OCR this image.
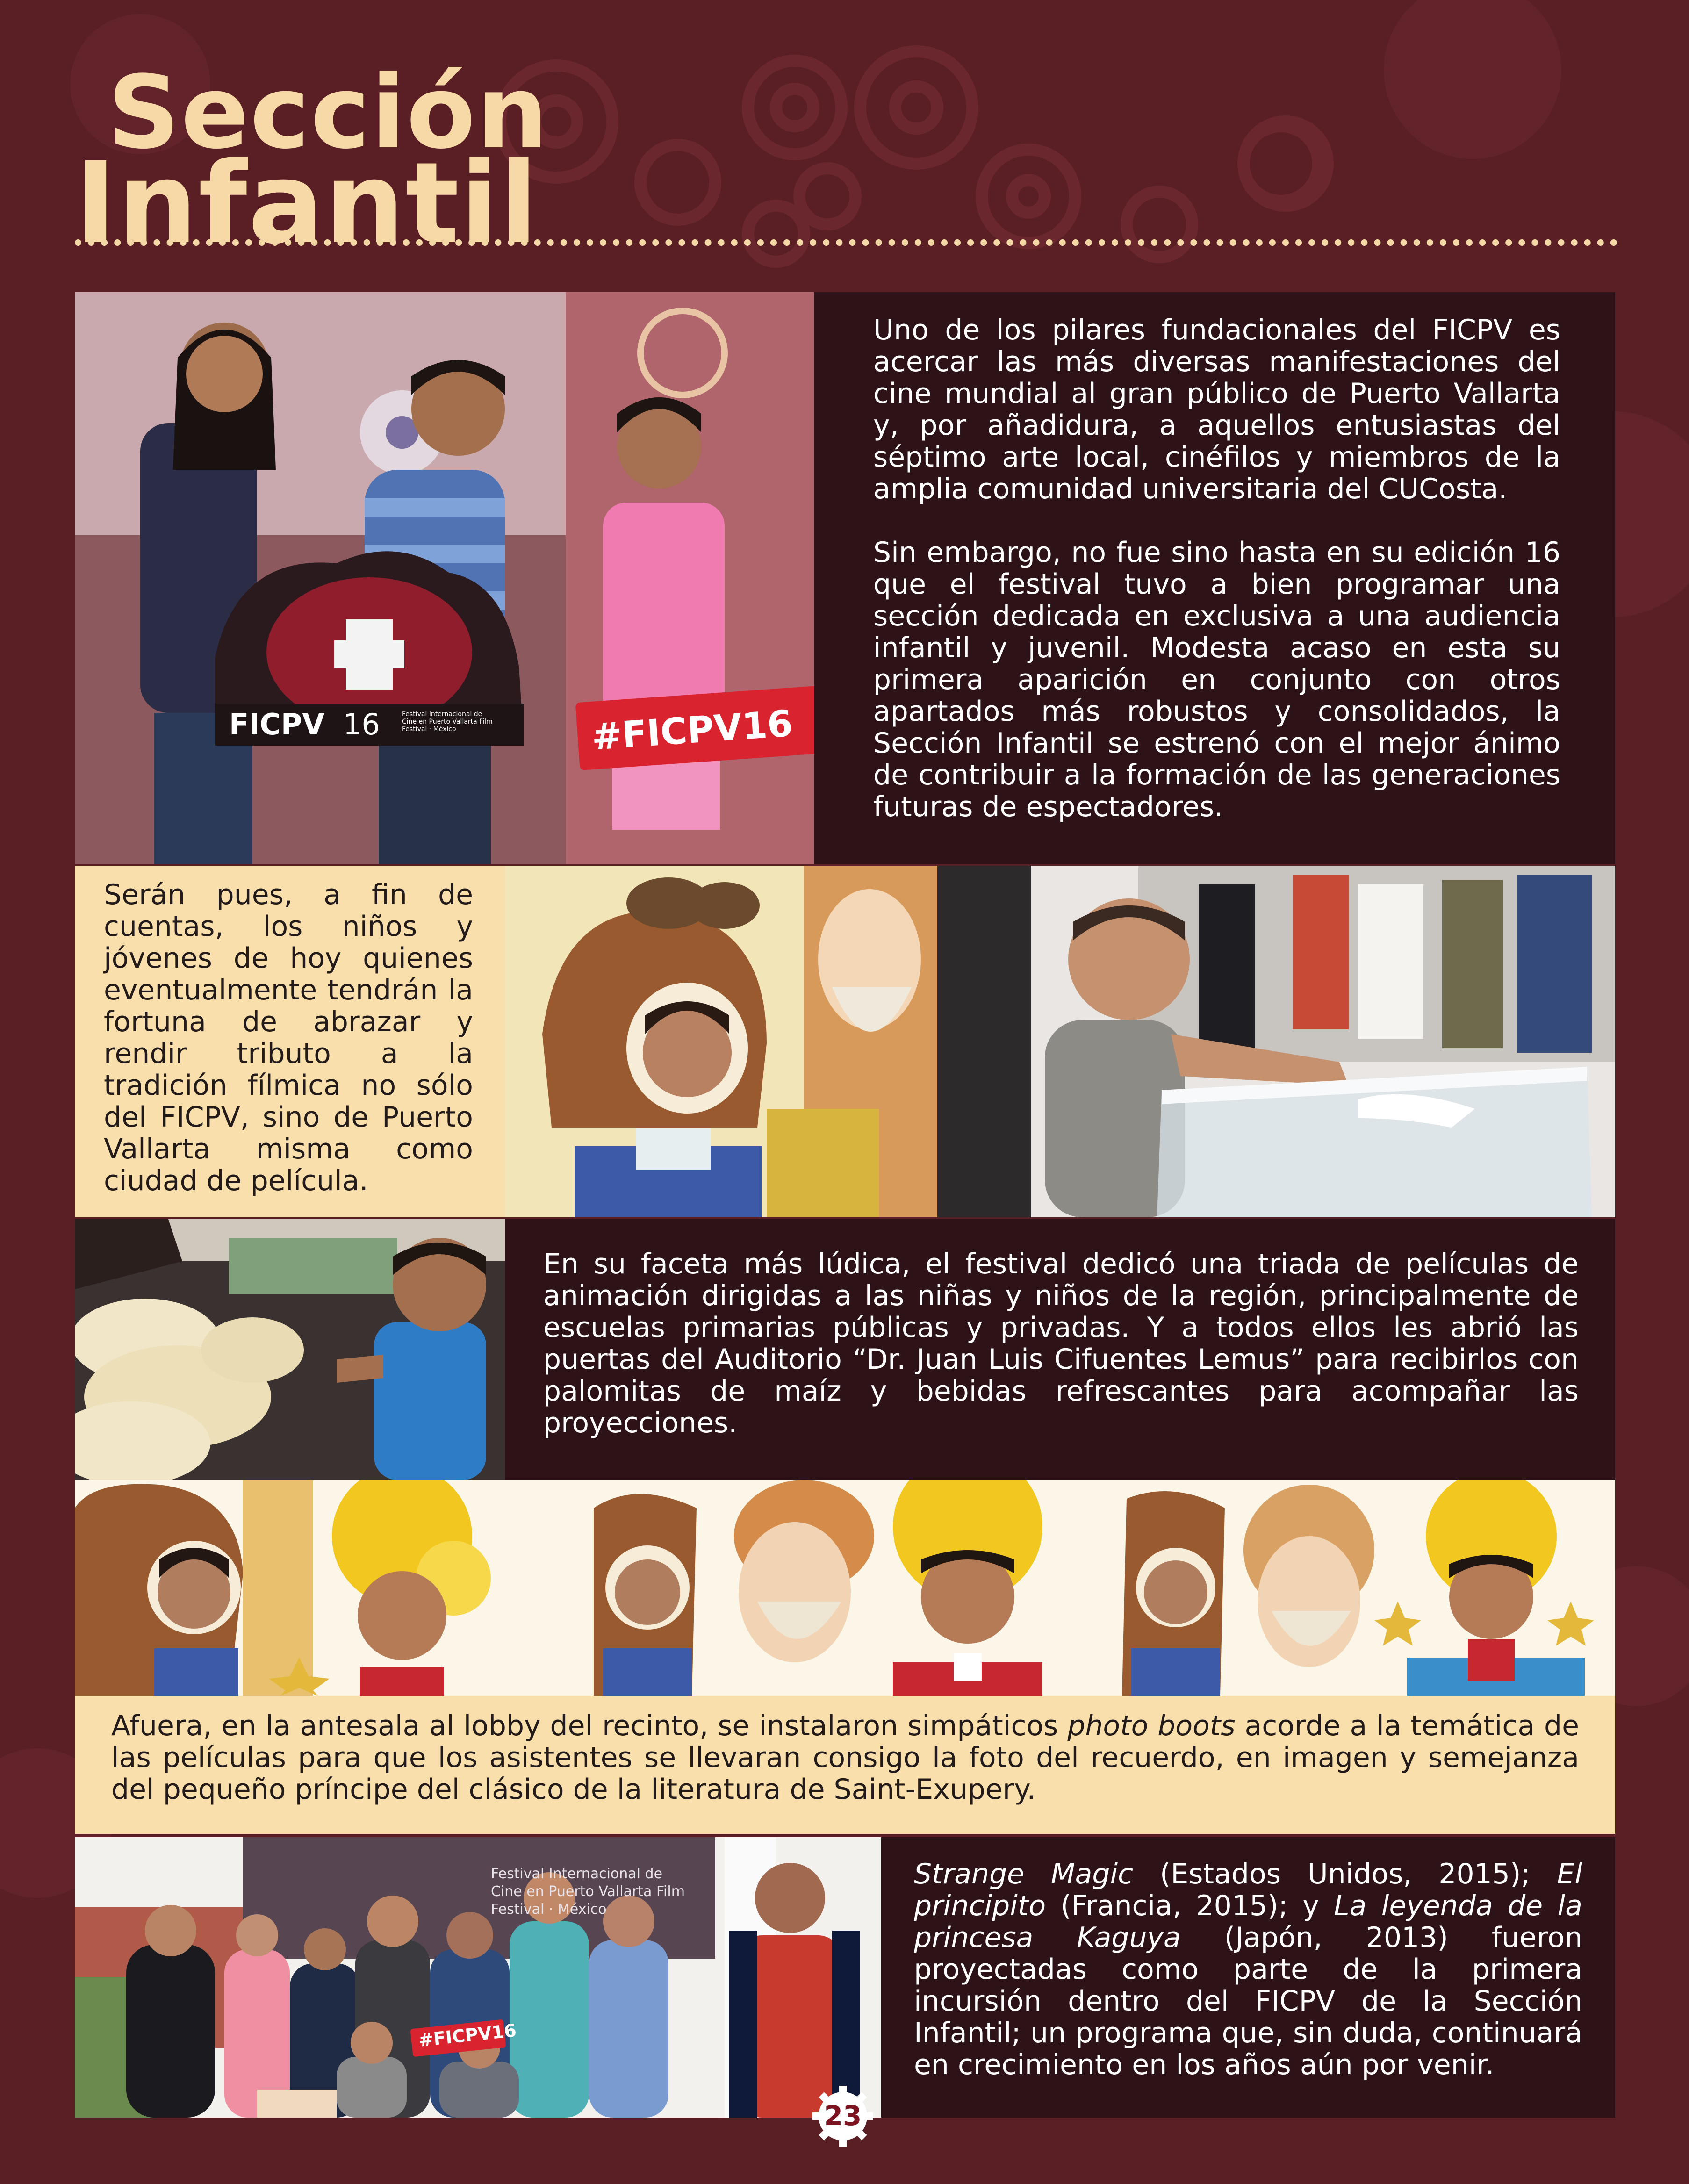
Sección
Infantil
FICPV 16	Festival Internacional de Cine en Puerto Vallarta Film Festival · México	#FICPV16

Uno de los pilares fundacionales del FICPV es acercar las más diversas manifestaciones del cine mundial al gran público de Puerto Vallarta y, por añadidura, a aquellos entusiastas del séptimo arte local, cinéfilos y miembros de la amplia comunidad universitaria del CUCosta.

Sin embargo, no fue sino hasta en su edición 16 que el festival tuvo a bien programar una sección dedicada en exclusiva a una audiencia infantil y juvenil. Modesta acaso en esta su primera aparición en conjunto con otros apartados más robustos y consolidados, la Sección Infantil se estrenó con el mejor ánimo de contribuir a la formación de las generaciones futuras de espectadores.

Serán pues, a fin de cuentas, los niños y jóvenes de hoy quienes eventualmente tendrán la fortuna de abrazar y rendir tributo a la tradición fílmica no sólo del FICPV, sino de Puerto Vallarta misma como ciudad de película.
En su faceta más lúdica, el festival dedicó una triada de películas de animación dirigidas a las niñas y niños de la región, principalmente de escuelas primarias públicas y privadas. Y a todos ellos les abrió las puertas del Auditorio “Dr. Juan Luis Cifuentes Lemus” para recibirlos con palomitas de maíz y bebidas refrescantes para acompañar las proyecciones.
Afuera, en la antesala al lobby del recinto, se instalaron simpáticos photo boots acorde a la temática de las películas para que los asistentes se llevaran consigo la foto del recuerdo, en imagen y semejanza del pequeño príncipe del clásico de la literatura de Saint-Exupery.
Festival Internacional de Cine en Puerto Vallarta Film Festival · México
#FICPV16
Strange Magic (Estados Unidos, 2015); El principito (Francia, 2015); y La leyenda de la princesa Kaguya (Japón, 2013) fueron proyectadas como parte de la primera incursión dentro del FICPV de la Sección Infantil; un programa que, sin duda, continuará en crecimiento en los años aún por venir.
23
